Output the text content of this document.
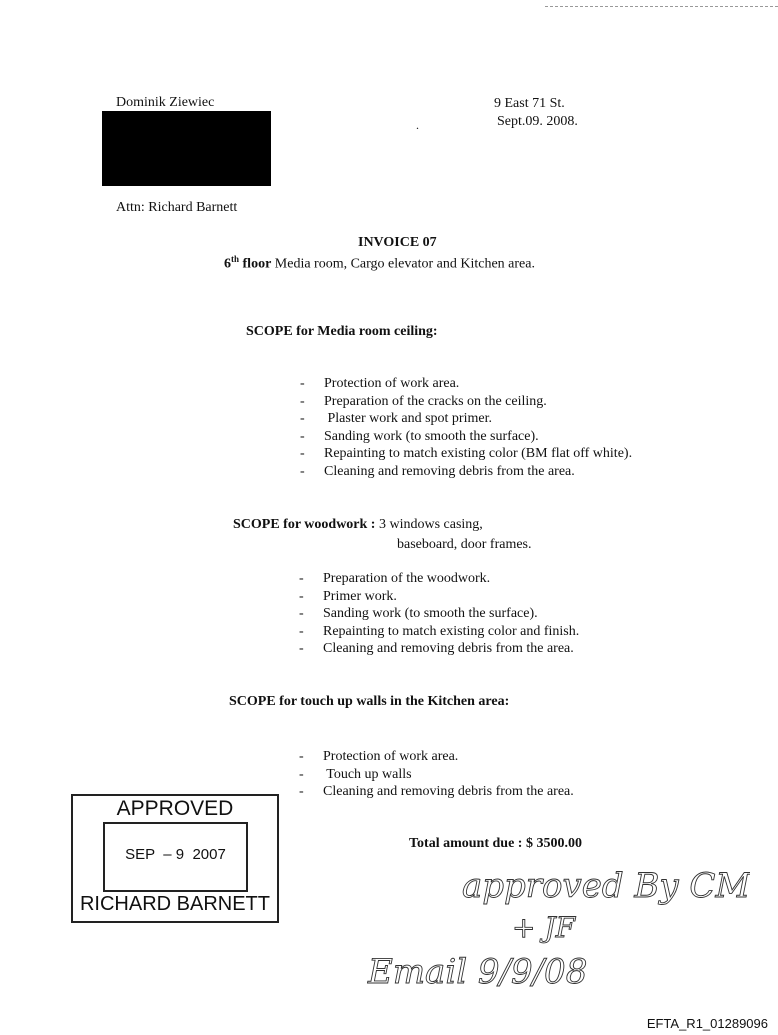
Dominik Ziewiec	9 East 71 St.
Sept.09. 2008.
.
Attn: Richard Barnett
INVOICE 07
6th floor Media room, Cargo elevator and Kitchen area.
SCOPE for Media room ceiling:
- Protection of work area.
- Preparation of the cracks on the ceiling.
- Plaster work and spot primer.
- Sanding work (to smooth the surface).
- Repainting to match existing color (BM flat off white).
- Cleaning and removing debris from the area.
SCOPE for woodwork : 3 windows casing,
baseboard, door frames.
- Preparation of the woodwork.
- Primer work.
- Sanding work (to smooth the surface).
- Repainting to match existing color and finish.
- Cleaning and removing debris from the area.
SCOPE for touch up walls in the Kitchen area:
- Protection of work area.
- Touch up walls
- Cleaning and removing debris from the area.
Total amount due : $ 3500.00
APPROVED
SEP  – 9  2007
RICHARD BARNETT	approved By CM
+ JF
Email 9/9/08
EFTA_R1_01289096
